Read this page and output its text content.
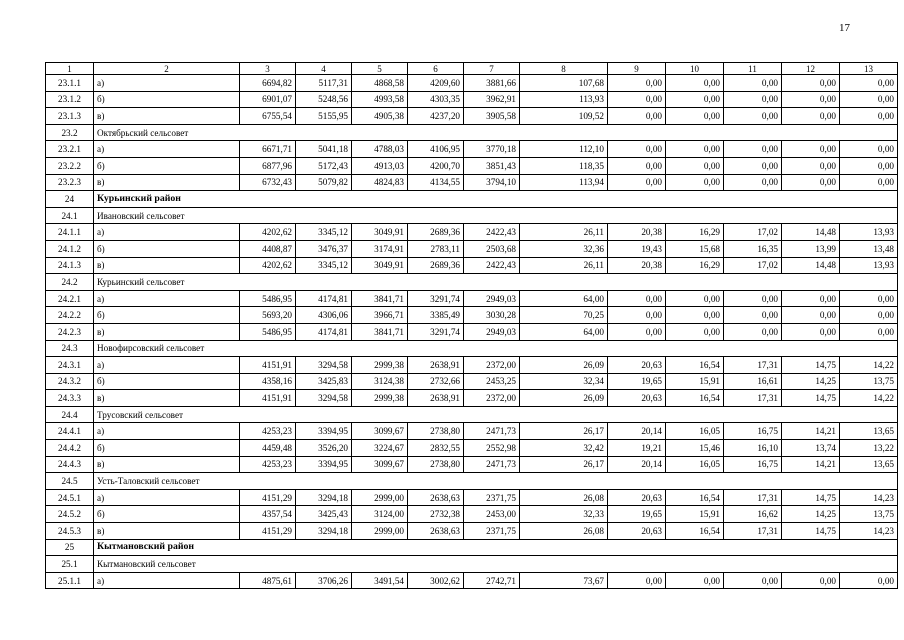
17
1	2	3	4	5	6	7	8	9	10	11	12	13
23.1.1	а)	6694,82	5117,31	4868,58	4209,60	3881,66	107,68	0,00	0,00	0,00	0,00	0,00
23.1.2	б)	6901,07	5248,56	4993,58	4303,35	3962,91	113,93	0,00	0,00	0,00	0,00	0,00
23.1.3	в)	6755,54	5155,95	4905,38	4237,20	3905,58	109,52	0,00	0,00	0,00	0,00	0,00
23.2	Октябрьский сельсовет											
23.2.1	а)	6671,71	5041,18	4788,03	4106,95	3770,18	112,10	0,00	0,00	0,00	0,00	0,00
23.2.2	б)	6877,96	5172,43	4913,03	4200,70	3851,43	118,35	0,00	0,00	0,00	0,00	0,00
23.2.3	в)	6732,43	5079,82	4824,83	4134,55	3794,10	113,94	0,00	0,00	0,00	0,00	0,00
24	Курьинский район											
24.1	Ивановский сельсовет											
24.1.1	а)	4202,62	3345,12	3049,91	2689,36	2422,43	26,11	20,38	16,29	17,02	14,48	13,93
24.1.2	б)	4408,87	3476,37	3174,91	2783,11	2503,68	32,36	19,43	15,68	16,35	13,99	13,48
24.1.3	в)	4202,62	3345,12	3049,91	2689,36	2422,43	26,11	20,38	16,29	17,02	14,48	13,93
24.2	Курьинский сельсовет											
24.2.1	а)	5486,95	4174,81	3841,71	3291,74	2949,03	64,00	0,00	0,00	0,00	0,00	0,00
24.2.2	б)	5693,20	4306,06	3966,71	3385,49	3030,28	70,25	0,00	0,00	0,00	0,00	0,00
24.2.3	в)	5486,95	4174,81	3841,71	3291,74	2949,03	64,00	0,00	0,00	0,00	0,00	0,00
24.3	Новофирсовский сельсовет											
24.3.1	а)	4151,91	3294,58	2999,38	2638,91	2372,00	26,09	20,63	16,54	17,31	14,75	14,22
24.3.2	б)	4358,16	3425,83	3124,38	2732,66	2453,25	32,34	19,65	15,91	16,61	14,25	13,75
24.3.3	в)	4151,91	3294,58	2999,38	2638,91	2372,00	26,09	20,63	16,54	17,31	14,75	14,22
24.4	Трусовский сельсовет											
24.4.1	а)	4253,23	3394,95	3099,67	2738,80	2471,73	26,17	20,14	16,05	16,75	14,21	13,65
24.4.2	б)	4459,48	3526,20	3224,67	2832,55	2552,98	32,42	19,21	15,46	16,10	13,74	13,22
24.4.3	в)	4253,23	3394,95	3099,67	2738,80	2471,73	26,17	20,14	16,05	16,75	14,21	13,65
24.5	Усть-Таловский сельсовет											
24.5.1	а)	4151,29	3294,18	2999,00	2638,63	2371,75	26,08	20,63	16,54	17,31	14,75	14,23
24.5.2	б)	4357,54	3425,43	3124,00	2732,38	2453,00	32,33	19,65	15,91	16,62	14,25	13,75
24.5.3	в)	4151,29	3294,18	2999,00	2638,63	2371,75	26,08	20,63	16,54	17,31	14,75	14,23
25	Кытмановский район											
25.1	Кытмановский сельсовет											
25.1.1	а)	4875,61	3706,26	3491,54	3002,62	2742,71	73,67	0,00	0,00	0,00	0,00	0,00
